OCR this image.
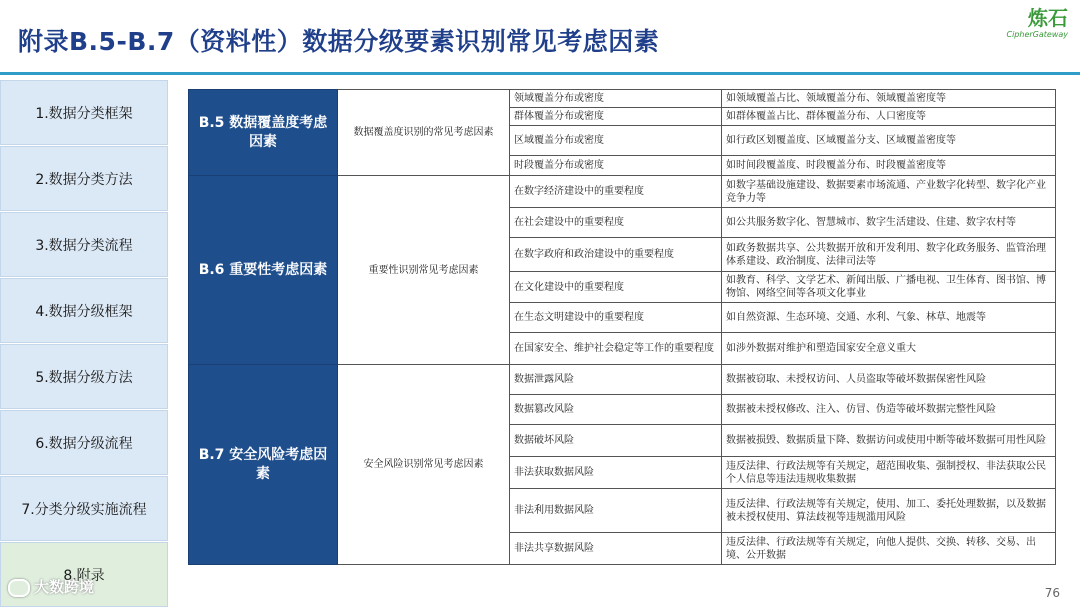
附录B.5-B.7（资料性）数据分级要素识别常见考虑因素
炼石
CipherGateway
1.数据分类框架
2.数据分类方法
3.数据分类流程
4.数据分级框架
5.数据分级方法
6.数据分级流程
7.分类分级实施流程
8.附录
B.5 数据覆盖度考虑因素	数据覆盖度识别的常见考虑因素	领域覆盖分布或密度	如领域覆盖占比、领域覆盖分布、领域覆盖密度等
		群体覆盖分布或密度	如群体覆盖占比、群体覆盖分布、人口密度等
		区域覆盖分布或密度	如行政区划覆盖度、区域覆盖分支、区域覆盖密度等
		时段覆盖分布或密度	如时间段覆盖度、时段覆盖分布、时段覆盖密度等
B.6 重要性考虑因素	重要性识别常见考虑因素	在数字经济建设中的重要程度	如数字基础设施建设、数据要素市场流通、产业数字化转型、数字化产业竞争力等
		在社会建设中的重要程度	如公共服务数字化、智慧城市、数字生活建设、住建、数字农村等
		在数字政府和政治建设中的重要程度	如政务数据共享、公共数据开放和开发利用、数字化政务服务、监管治理体系建设、政治制度、法律司法等
		在文化建设中的重要程度	如教育、科学、文学艺术、新闻出版、广播电视、卫生体育、图书馆、博物馆、网络空间等各项文化事业
		在生态文明建设中的重要程度	如自然资源、生态环境、交通、水利、气象、林草、地震等
		在国家安全、维护社会稳定等工作的重要程度	如涉外数据对维护和塑造国家安全意义重大
B.7 安全风险考虑因素	安全风险识别常见考虑因素	数据泄露风险	数据被窃取、未授权访问、人员盗取等破坏数据保密性风险
		数据篡改风险	数据被未授权修改、注入、仿冒、伪造等破坏数据完整性风险
		数据破坏风险	数据被损毁、数据质量下降、数据访问或使用中断等破坏数据可用性风险
		非法获取数据风险	违反法律、行政法规等有关规定，超范围收集、强制授权、非法获取公民个人信息等违法违规收集数据
		非法利用数据风险	违反法律、行政法规等有关规定，使用、加工、委托处理数据，以及数据被未授权使用、算法歧视等违规滥用风险
		非法共享数据风险	违反法律、行政法规等有关规定，向他人提供、交换、转移、交易、出境、公开数据
大数跨境	76
